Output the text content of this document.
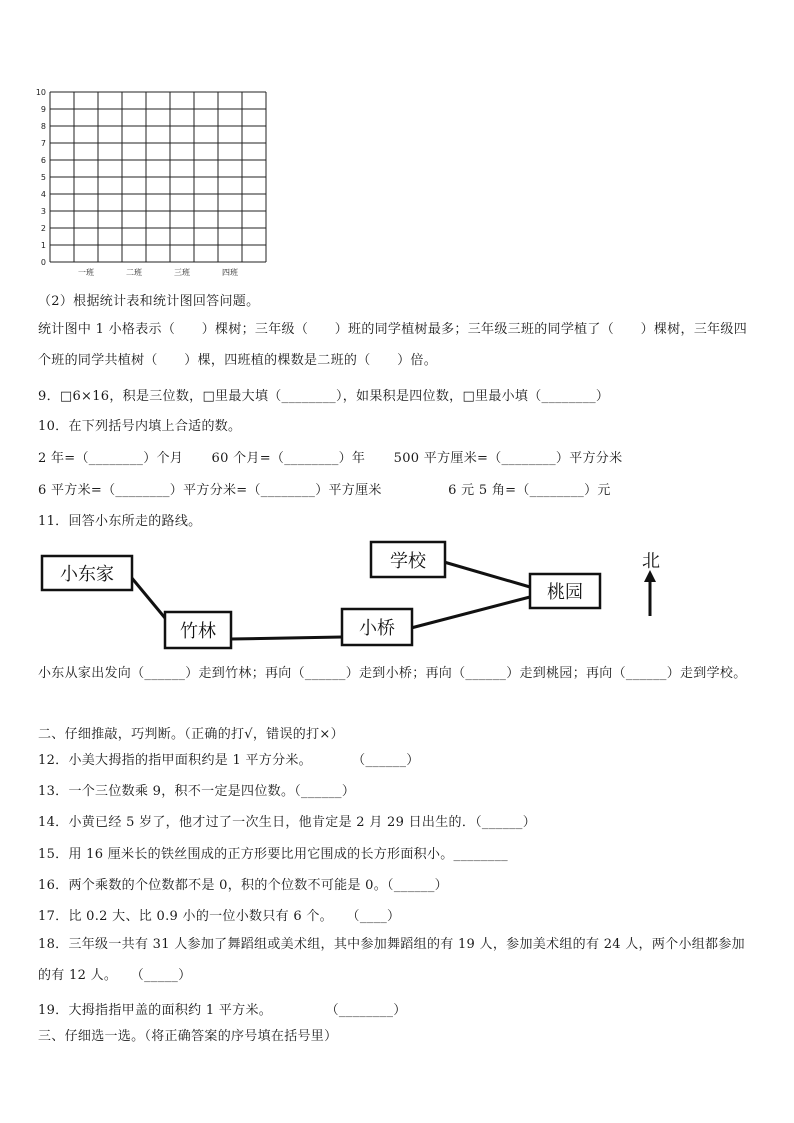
0
1
2
3
4
5
6
7
8
9
10
一班	二班	三班	四班
（2）根据统计表和统计图回答问题。
统计图中 1 小格表示（　　）棵树；三年级（　　）班的同学植树最多；三年级三班的同学植了（　　）棵树，三年级四个班的同学共植树（　　）棵，四班植的棵数是二班的（　　）倍。
9．□6×16，积是三位数，□里最大填（________），如果积是四位数，□里最小填（________）
10．在下列括号内填上合适的数。
2 年=（________）个月 60 个月=（________）年 500 平方厘米=（________）平方分米
6 平方米=（________）平方分米=（________）平方厘米	6 元 5 角=（________）元
11．回答小东所走的路线。
小东家
竹林	小桥
学校
桃园
北
小东从家出发向（______）走到竹林；再向（______）走到小桥；再向（______）走到桃园；再向（______）走到学校。
二、仔细推敲，巧判断。（正确的打√，错误的打×）
12．小美大拇指的指甲面积约是 1 平方分米。　　　　（______）
13．一个三位数乘 9，积不一定是四位数。（______）
14．小黄已经 5 岁了，他才过了一次生日，他肯定是 2 月 29 日出生的．（______）
15．用 16 厘米长的铁丝围成的正方形要比用它围成的长方形面积小。________
16．两个乘数的个位数都不是 0，积的个位数不可能是 0。（______）
17．比 0.2 大、比 0.9 小的一位小数只有 6 个。　　（____）
18．三年级一共有 31 人参加了舞蹈组或美术组，其中参加舞蹈组的有 19 人，参加美术组的有 24 人，两个小组都参加的有 12 人。　　（_____）
19．大拇指指甲盖的面积约 1 平方米。　　　　　（________）
三、仔细选一选。（将正确答案的序号填在括号里）
